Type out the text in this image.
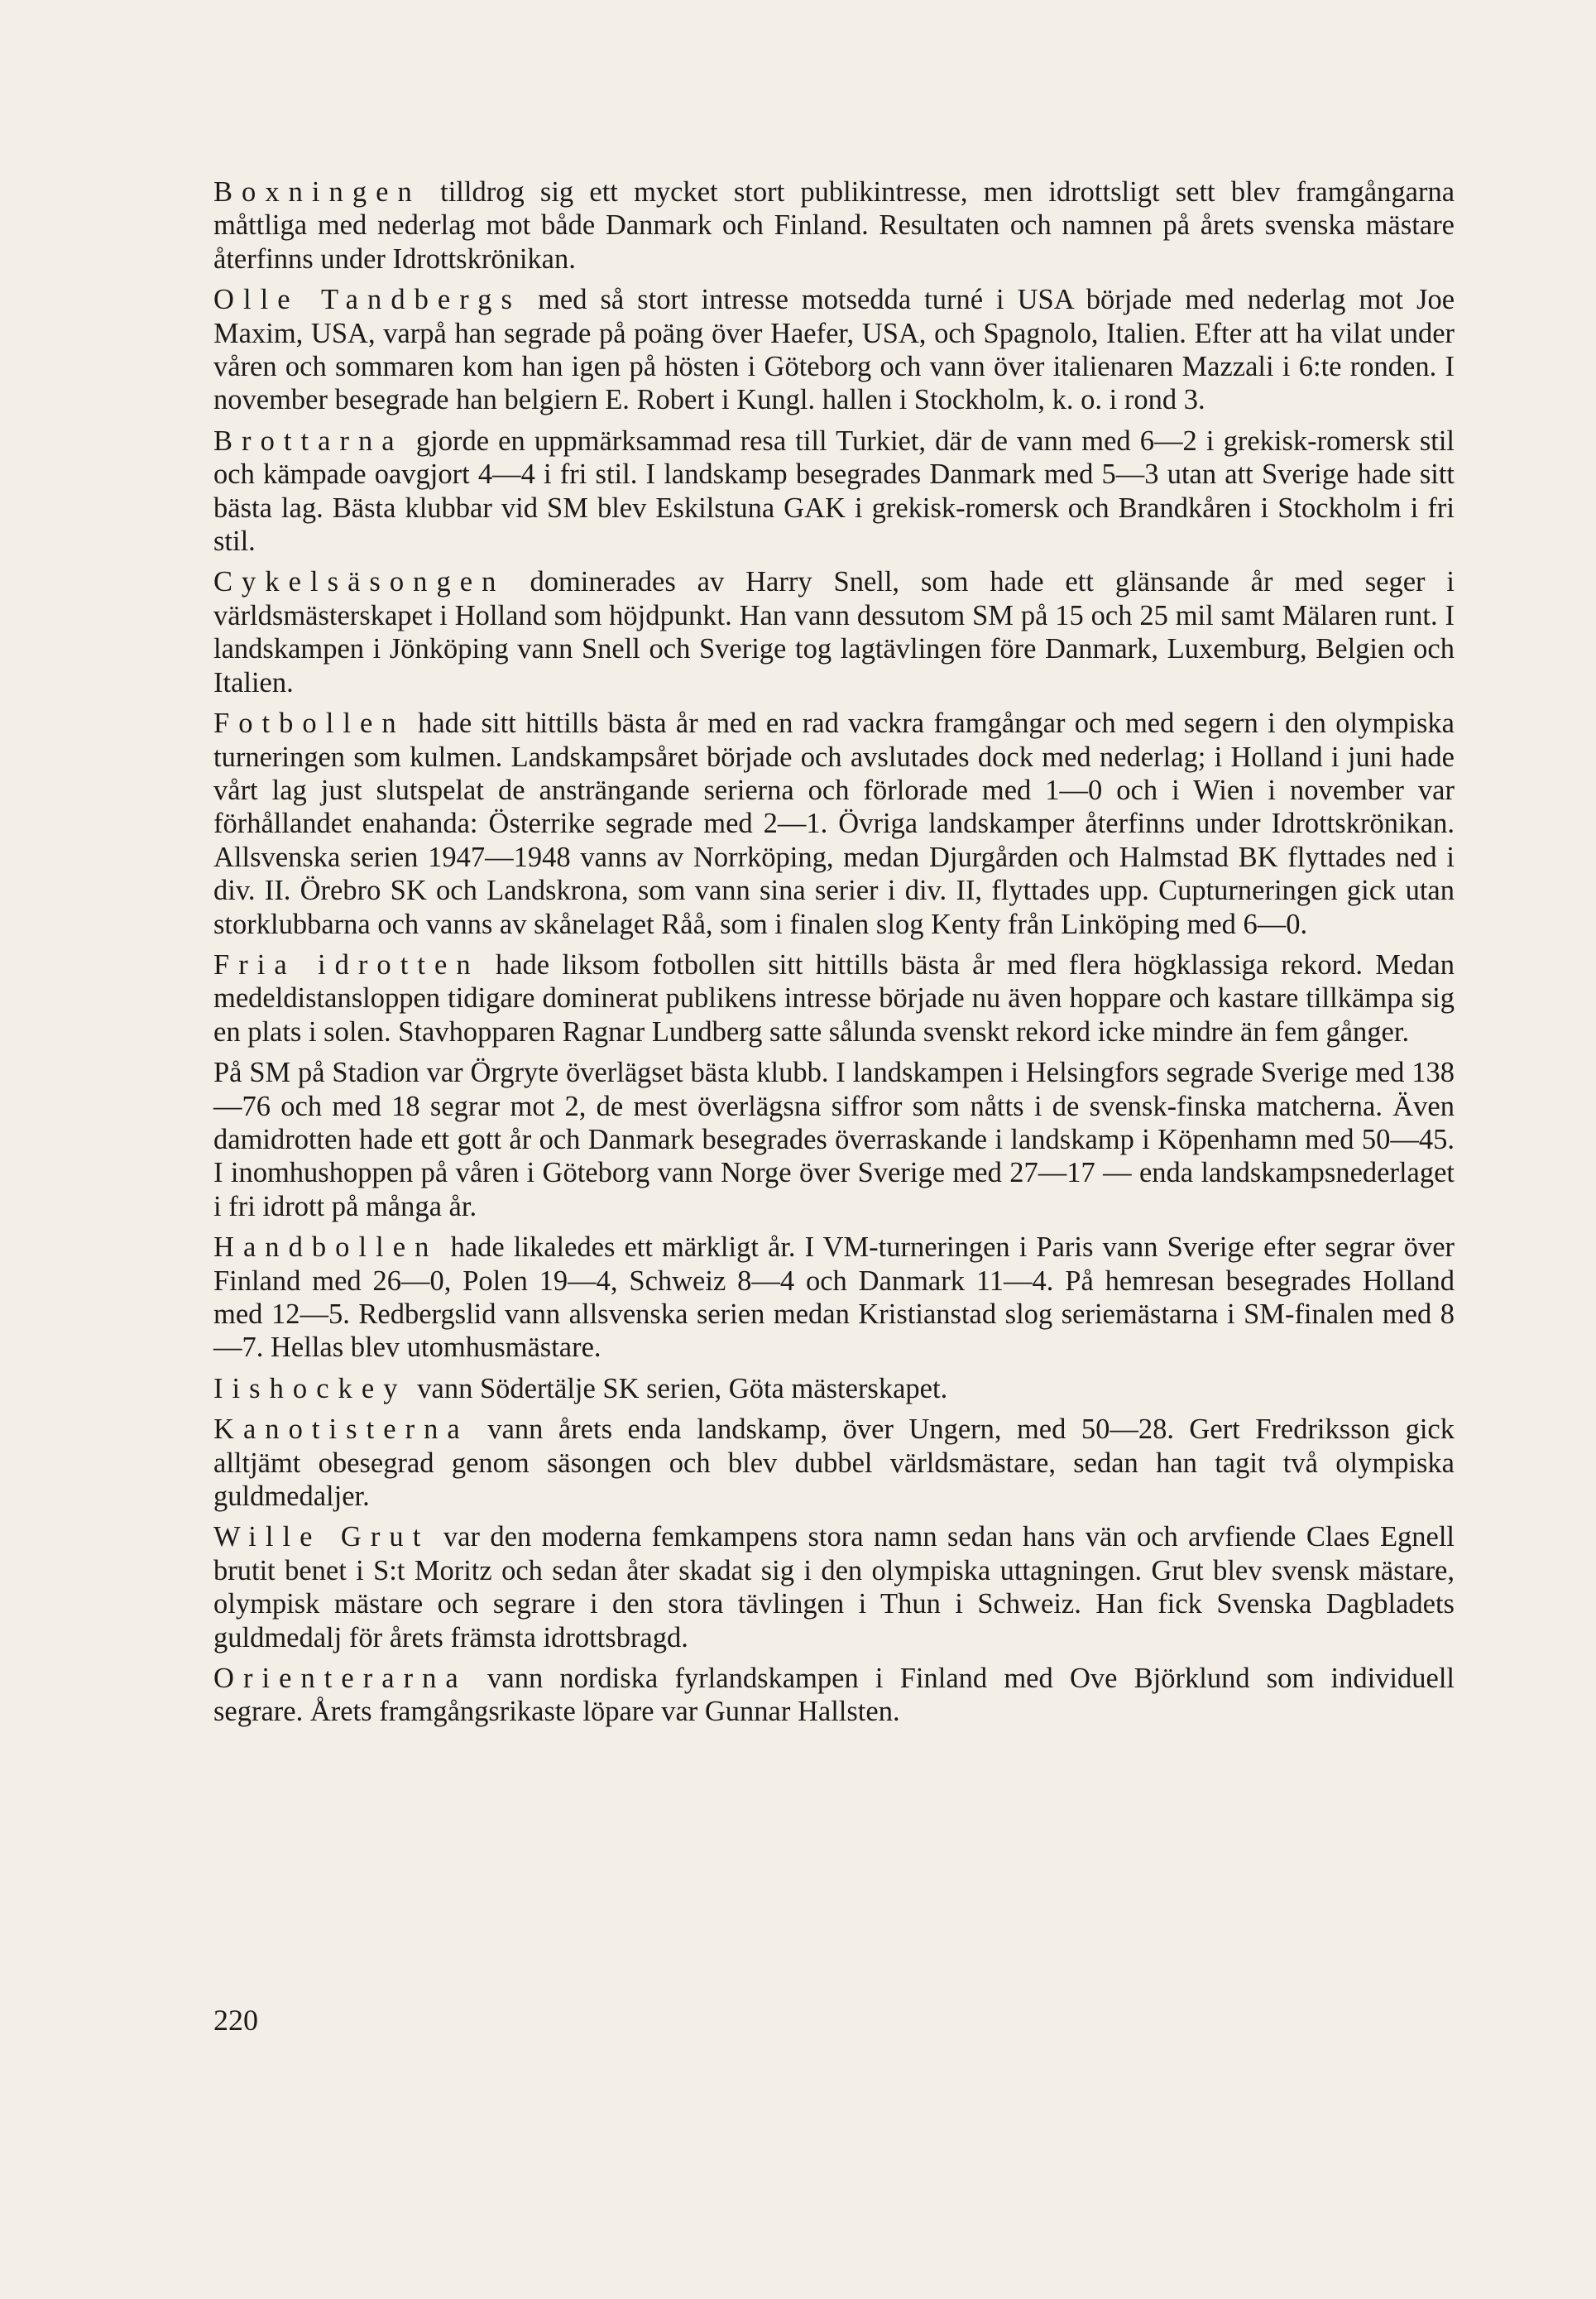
Boxningen tilldrog sig ett mycket stort publikintresse, men idrottsligt sett blev framgångarna måttliga med nederlag mot både Danmark och Finland. Resultaten och namnen på årets svenska mästare återfinns under Idrottskrönikan.

Olle Tandbergs med så stort intresse motsedda turné i USA började med nederlag mot Joe Maxim, USA, varpå han segrade på poäng över Haefer, USA, och Spagnolo, Italien. Efter att ha vilat under våren och sommaren kom han igen på hösten i Göteborg och vann över italienaren Mazzali i 6:te ronden. I november besegrade han belgiern E. Robert i Kungl. hallen i Stockholm, k. o. i rond 3.

Brottarna gjorde en uppmärksammad resa till Turkiet, där de vann med 6—2 i grekisk-romersk stil och kämpade oavgjort 4—4 i fri stil. I landskamp besegrades Danmark med 5—3 utan att Sverige hade sitt bästa lag. Bästa klubbar vid SM blev Eskilstuna GAK i grekisk-romersk och Brandkåren i Stockholm i fri stil.

Cykelsäsongen dominerades av Harry Snell, som hade ett glänsande år med seger i världsmästerskapet i Holland som höjdpunkt. Han vann dessutom SM på 15 och 25 mil samt Mälaren runt. I landskampen i Jönköping vann Snell och Sverige tog lagtävlingen före Danmark, Luxemburg, Belgien och Italien.

Fotbollen hade sitt hittills bästa år med en rad vackra framgångar och med segern i den olympiska turneringen som kulmen. Landskampsåret började och avslutades dock med nederlag; i Holland i juni hade vårt lag just slutspelat de ansträngande serierna och förlorade med 1—0 och i Wien i november var förhållandet enahanda: Österrike segrade med 2—1. Övriga landskamper återfinns under Idrottskrönikan. Allsvenska serien 1947—1948 vanns av Norrköping, medan Djurgården och Halmstad BK flyttades ned i div. II. Örebro SK och Landskrona, som vann sina serier i div. II, flyttades upp. Cupturneringen gick utan storklubbarna och vanns av skånelaget Råå, som i finalen slog Kenty från Linköping med 6—0.

Fria idrotten hade liksom fotbollen sitt hittills bästa år med flera högklassiga rekord. Medan medeldistansloppen tidigare dominerat publikens intresse började nu även hoppare och kastare tillkämpa sig en plats i solen. Stavhopparen Ragnar Lundberg satte sålunda svenskt rekord icke mindre än fem gånger.

På SM på Stadion var Örgryte överlägset bästa klubb. I landskampen i Helsingfors segrade Sverige med 138—76 och med 18 segrar mot 2, de mest överlägsna siffror som nåtts i de svensk-finska matcherna. Även damidrotten hade ett gott år och Danmark besegrades överraskande i landskamp i Köpenhamn med 50—45. I inomhushoppen på våren i Göteborg vann Norge över Sverige med 27—17 — enda landskampsnederlaget i fri idrott på många år.

Handbollen hade likaledes ett märkligt år. I VM-turneringen i Paris vann Sverige efter segrar över Finland med 26—0, Polen 19—4, Schweiz 8—4 och Danmark 11—4. På hemresan besegrades Holland med 12—5. Redbergslid vann allsvenska serien medan Kristianstad slog seriemästarna i SM-finalen med 8—7. Hellas blev utomhusmästare.

Iishockey vann Södertälje SK serien, Göta mästerskapet.

Kanotisterna vann årets enda landskamp, över Ungern, med 50—28. Gert Fredriksson gick alltjämt obesegrad genom säsongen och blev dubbel världsmästare, sedan han tagit två olympiska guldmedaljer.

Wille Grut var den moderna femkampens stora namn sedan hans vän och arvfiende Claes Egnell brutit benet i S:t Moritz och sedan åter skadat sig i den olympiska uttagningen. Grut blev svensk mästare, olympisk mästare och segrare i den stora tävlingen i Thun i Schweiz. Han fick Svenska Dagbladets guldmedalj för årets främsta idrottsbragd.

Orienterarna vann nordiska fyrlandskampen i Finland med Ove Björklund som individuell segrare. Årets framgångsrikaste löpare var Gunnar Hallsten.

220
